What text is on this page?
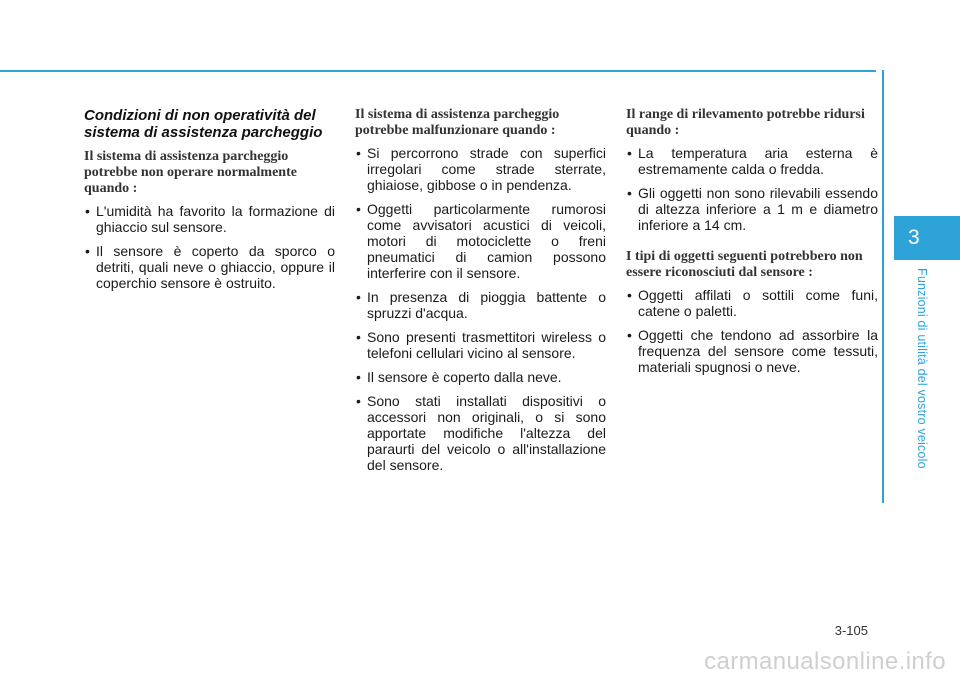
3
Funzioni di utilità del vostro veicolo
Condizioni di non operatività del sistema di assistenza parcheggio
Il sistema di assistenza parcheggio potrebbe non operare normalmente quando :
• L'umidità ha favorito la formazione di ghiaccio sul sensore.
• Il sensore è coperto da sporco o detriti, quali neve o ghiaccio, oppure il coperchio sensore è ostruito.
Il sistema di assistenza parcheggio potrebbe malfunzionare quando :
• Si percorrono strade con superfici irregolari come strade sterrate, ghiaiose, gibbose o in pendenza.
• Oggetti particolarmente rumorosi come avvisatori acustici di veicoli, motori di motociclette o freni pneumatici di camion possono interferire con il sensore.
• In presenza di pioggia battente o spruzzi d'acqua.
• Sono presenti trasmettitori wireless o telefoni cellulari vicino al sensore.
• Il sensore è coperto dalla neve.
• Sono stati installati dispositivi o accessori non originali, o si sono apportate modifiche l'altezza del paraurti del veicolo o all'installazione del sensore.
Il range di rilevamento potrebbe ridursi quando :
• La temperatura aria esterna è estremamente calda o fredda.
• Gli oggetti non sono rilevabili essendo di altezza inferiore a 1 m e diametro inferiore a 14 cm.
I tipi di oggetti seguenti potrebbero non essere riconosciuti dal sensore :
• Oggetti affilati o sottili come funi, catene o paletti.
• Oggetti che tendono ad assorbire la frequenza del sensore come tessuti, materiali spugnosi o neve.
3-105
carmanualsonline.info
